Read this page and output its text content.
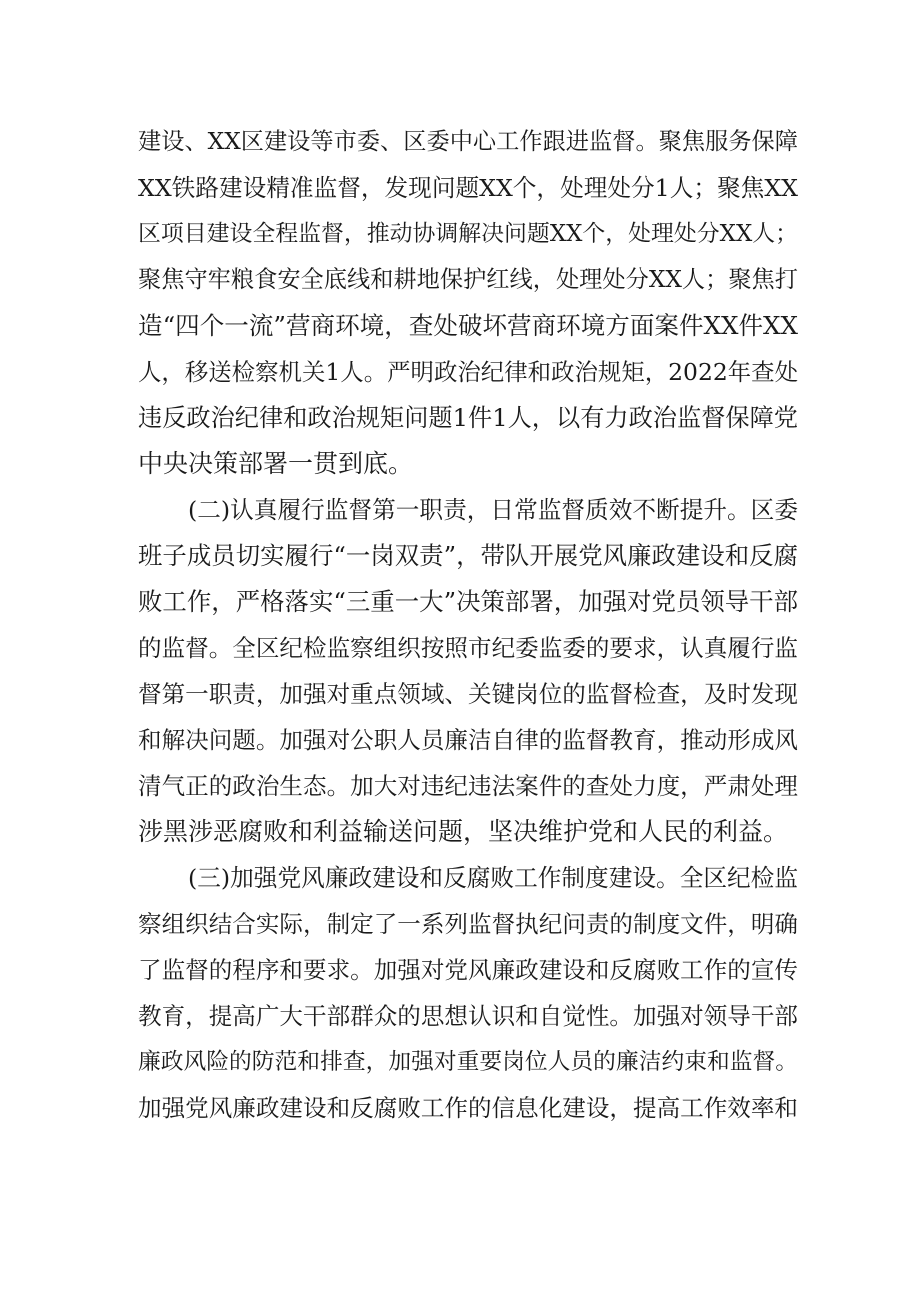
建设、XX区建设等市委、区委中心工作跟进监督。聚焦服务保障
XX铁路建设精准监督，发现问题XX个，处理处分1人；聚焦XX
区项目建设全程监督，推动协调解决问题XX个，处理处分XX人；
聚焦守牢粮食安全底线和耕地保护红线，处理处分XX人；聚焦打
造“四个一流”营商环境，查处破坏营商环境方面案件XX件XX
人，移送检察机关1人。严明政治纪律和政治规矩，2022年查处
违反政治纪律和政治规矩问题1件1人，以有力政治监督保障党
中央决策部署一贯到底。
(二)认真履行监督第一职责，日常监督质效不断提升。区委
班子成员切实履行“一岗双责”，带队开展党风廉政建设和反腐
败工作，严格落实“三重一大”决策部署，加强对党员领导干部
的监督。全区纪检监察组织按照市纪委监委的要求，认真履行监
督第一职责，加强对重点领域、关键岗位的监督检查，及时发现
和解决问题。加强对公职人员廉洁自律的监督教育，推动形成风
清气正的政治生态。加大对违纪违法案件的查处力度，严肃处理
涉黑涉恶腐败和利益输送问题，坚决维护党和人民的利益。
(三)加强党风廉政建设和反腐败工作制度建设。全区纪检监
察组织结合实际，制定了一系列监督执纪问责的制度文件，明确
了监督的程序和要求。加强对党风廉政建设和反腐败工作的宣传
教育，提高广大干部群众的思想认识和自觉性。加强对领导干部
廉政风险的防范和排查，加强对重要岗位人员的廉洁约束和监督。
加强党风廉政建设和反腐败工作的信息化建设，提高工作效率和
